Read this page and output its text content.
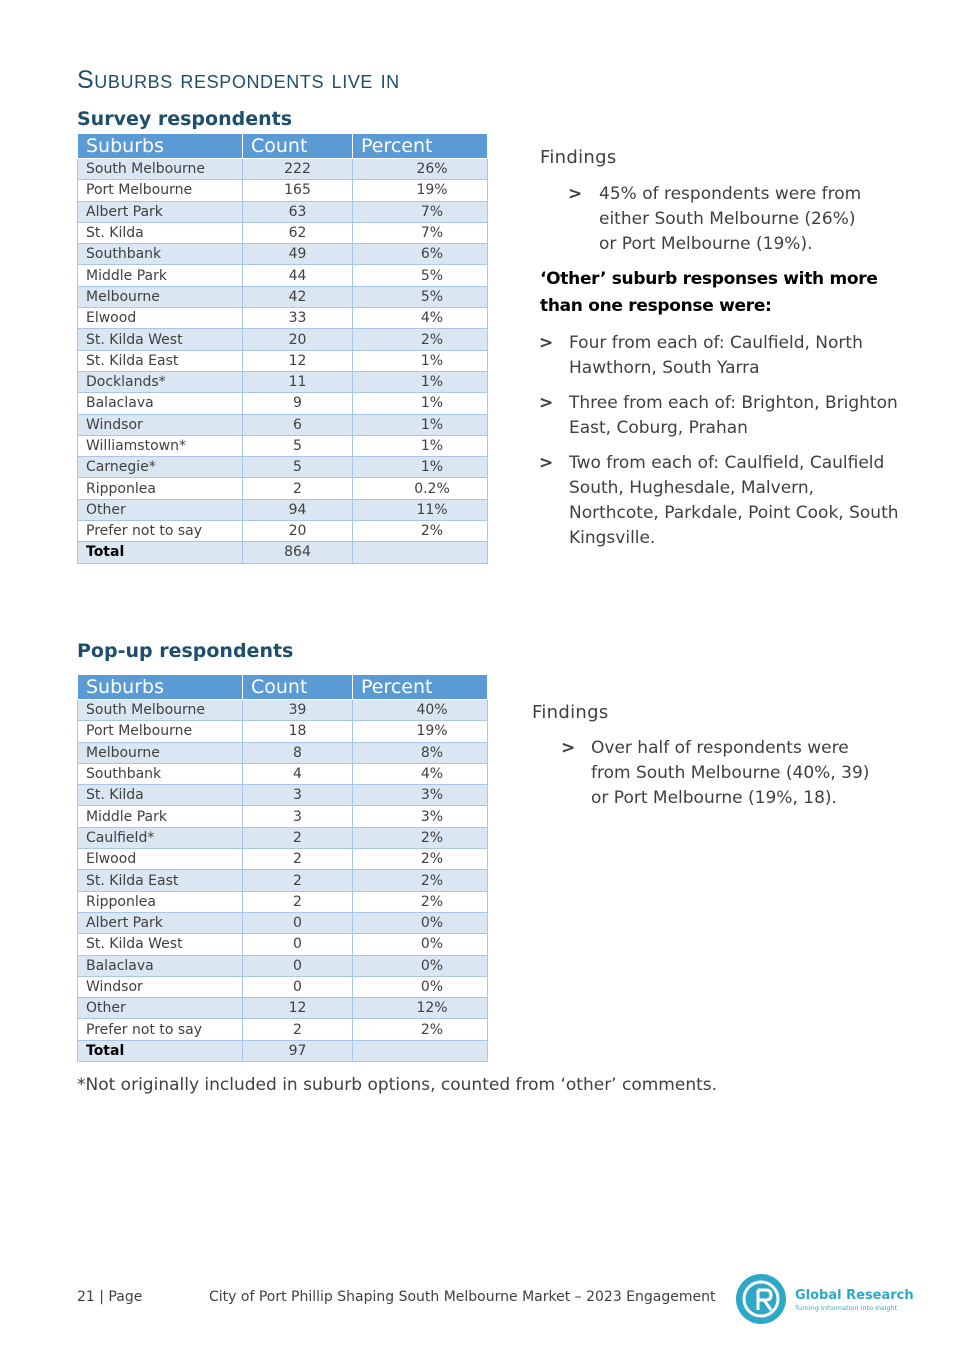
Suburbs respondents live in
Survey respondents
Suburbs	Count	Percent
South Melbourne	222	26%
Port Melbourne	165	19%
Albert Park	63	7%
St. Kilda	62	7%
Southbank	49	6%
Middle Park	44	5%
Melbourne	42	5%
Elwood	33	4%
St. Kilda West	20	2%
St. Kilda East	12	1%
Docklands*	11	1%
Balaclava	9	1%
Windsor	6	1%
Williamstown*	5	1%
Carnegie*	5	1%
Ripponlea	2	0.2%
Other	94	11%
Prefer not to say	20	2%
Total	864	
Findings
> 45% of respondents were from either South Melbourne (26%) or Port Melbourne (19%).
‘Other’ suburb responses with more than one response were:
> Four from each of: Caulfield, North Hawthorn, South Yarra
> Three from each of: Brighton, Brighton East, Coburg, Prahan
> Two from each of: Caulfield, Caulfield South, Hughesdale, Malvern, Northcote, Parkdale, Point Cook, South Kingsville.
Pop-up respondents
Suburbs	Count	Percent
South Melbourne	39	40%
Port Melbourne	18	19%
Melbourne	8	8%
Southbank	4	4%
St. Kilda	3	3%
Middle Park	3	3%
Caulfield*	2	2%
Elwood	2	2%
St. Kilda East	2	2%
Ripponlea	2	2%
Albert Park	0	0%
St. Kilda West	0	0%
Balaclava	0	0%
Windsor	0	0%
Other	12	12%
Prefer not to say	2	2%
Total	97	
Findings
> Over half of respondents were from South Melbourne (40%, 39) or Port Melbourne (19%, 18).
*Not originally included in suburb options, counted from ‘other’ comments.
21 | Page	City of Port Phillip Shaping South Melbourne Market – 2023 Engagement	Global Research
Turning Information into Insight
